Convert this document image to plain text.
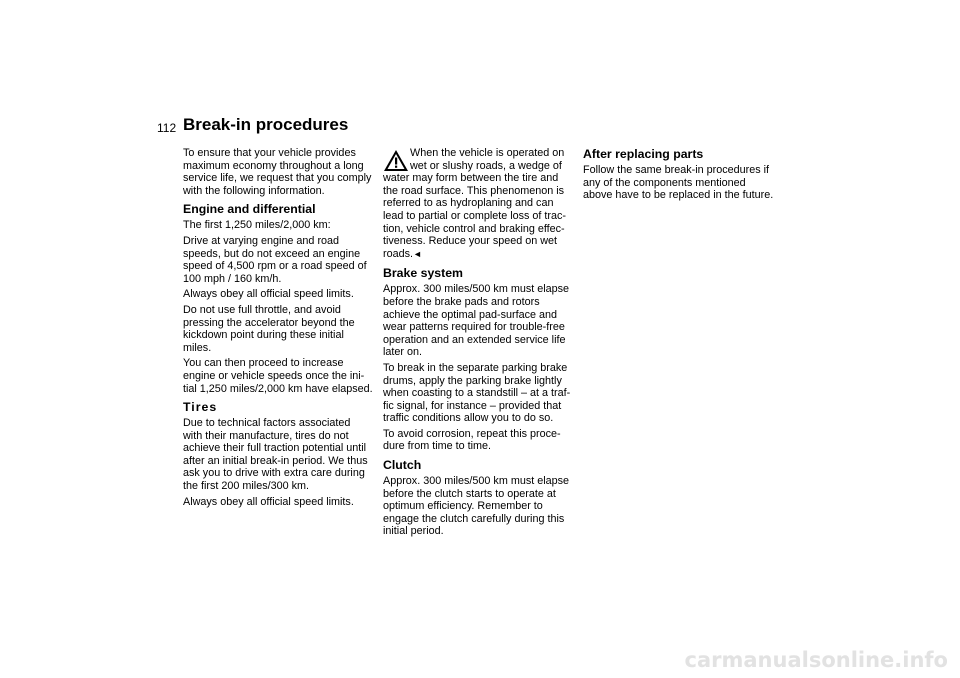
112 Break-in procedures

To ensure that your vehicle provides
maximum economy throughout a long
service life, we request that you comply
with the following information.

Engine and differential

The first 1,250 miles/2,000 km:

Drive at varying engine and road
speeds, but do not exceed an engine
speed of 4,500 rpm or a road speed of
100 mph / 160 km/h.

Always obey all official speed limits.

Do not use full throttle, and avoid
pressing the accelerator beyond the
kickdown point during these initial
miles.

You can then proceed to increase
engine or vehicle speeds once the ini-
tial 1,250 miles/2,000 km have elapsed.

Tires

Due to technical factors associated
with their manufacture, tires do not
achieve their full traction potential until
after an initial break-in period. We thus
ask you to drive with extra care during
the first 200 miles/300 km.

Always obey all official speed limits.

When the vehicle is operated on
wet or slushy roads, a wedge of
water may form between the tire and
the road surface. This phenomenon is
referred to as hydroplaning and can
lead to partial or complete loss of trac-
tion, vehicle control and braking effec-
tiveness. Reduce your speed on wet
roads.◄

Brake system

Approx. 300 miles/500 km must elapse
before the brake pads and rotors
achieve the optimal pad-surface and
wear patterns required for trouble-free
operation and an extended service life
later on.

To break in the separate parking brake
drums, apply the parking brake lightly
when coasting to a standstill – at a traf-
fic signal, for instance – provided that
traffic conditions allow you to do so.

To avoid corrosion, repeat this proce-
dure from time to time.

Clutch

Approx. 300 miles/500 km must elapse
before the clutch starts to operate at
optimum efficiency. Remember to
engage the clutch carefully during this
initial period.

After replacing parts

Follow the same break-in procedures if
any of the components mentioned
above have to be replaced in the future.

carmanualsonline.info
